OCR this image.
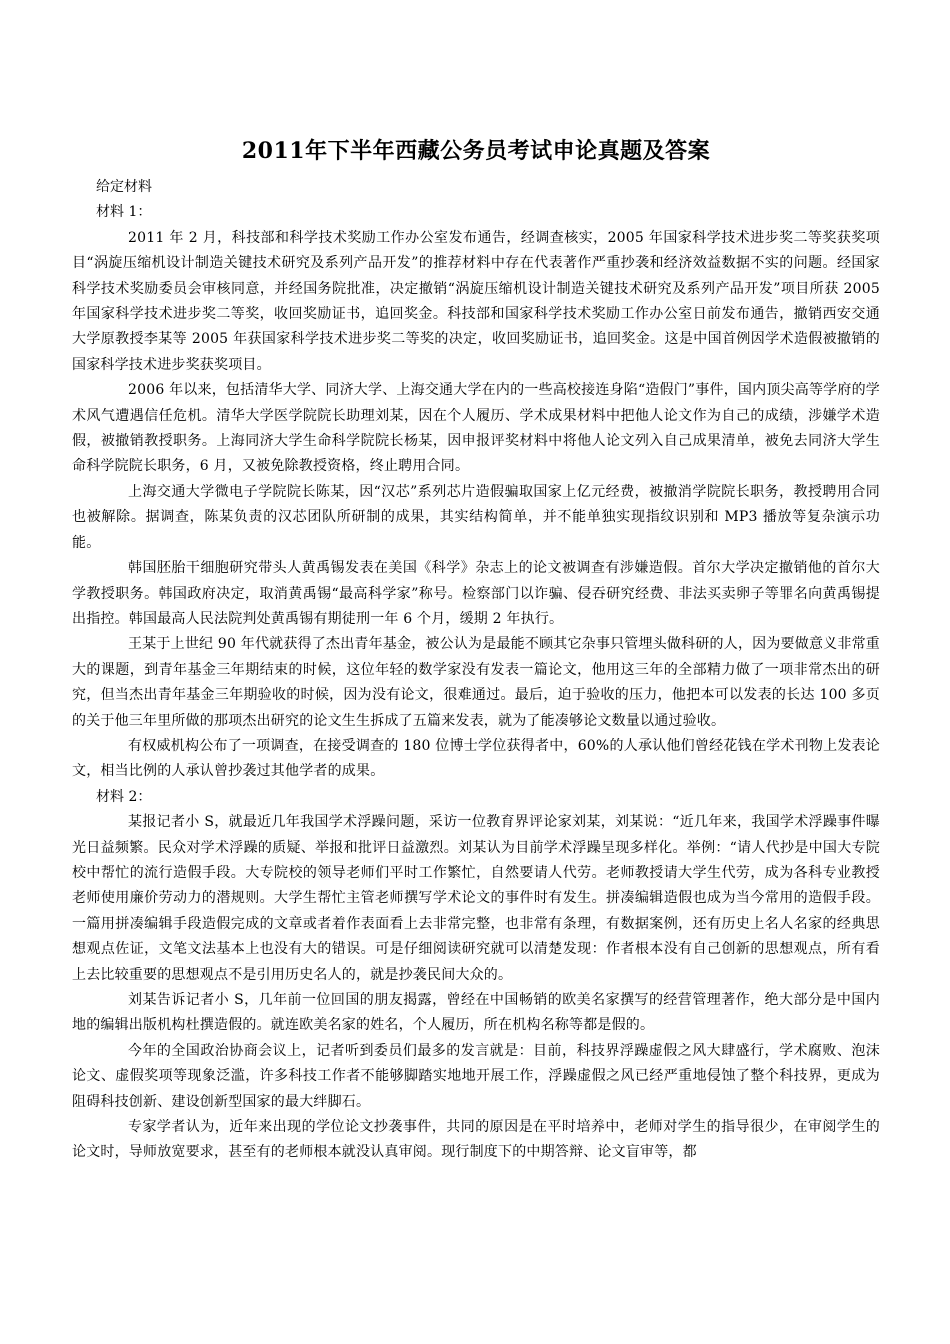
2011年下半年西藏公务员考试申论真题及答案

给定材料

材料 1：

2011 年 2 月，科技部和科学技术奖励工作办公室发布通告，经调查核实，2005 年国家科学技术进步奖二等奖获奖项目“涡旋压缩机设计制造关键技术研究及系列产品开发”的推荐材料中存在代表著作严重抄袭和经济效益数据不实的问题。经国家科学技术奖励委员会审核同意，并经国务院批准，决定撤销“涡旋压缩机设计制造关键技术研究及系列产品开发”项目所获 2005 年国家科学技术进步奖二等奖，收回奖励证书，追回奖金。科技部和国家科学技术奖励工作办公室日前发布通告，撤销西安交通大学原教授李某等 2005 年获国家科学技术进步奖二等奖的决定，收回奖励证书，追回奖金。这是中国首例因学术造假被撤销的国家科学技术进步奖获奖项目。

2006 年以来，包括清华大学、同济大学、上海交通大学在内的一些高校接连身陷“造假门”事件，国内顶尖高等学府的学术风气遭遇信任危机。清华大学医学院院长助理刘某，因在个人履历、学术成果材料中把他人论文作为自己的成绩，涉嫌学术造假，被撤销教授职务。上海同济大学生命科学院院长杨某，因申报评奖材料中将他人论文列入自己成果清单，被免去同济大学生命科学院院长职务，6 月，又被免除教授资格，终止聘用合同。

上海交通大学微电子学院院长陈某，因“汉芯”系列芯片造假骗取国家上亿元经费，被撤消学院院长职务，教授聘用合同也被解除。据调查，陈某负责的汉芯团队所研制的成果，其实结构简单，并不能单独实现指纹识别和 MP3 播放等复杂演示功能。

韩国胚胎干细胞研究带头人黄禹锡发表在美国《科学》杂志上的论文被调查有涉嫌造假。首尔大学决定撤销他的首尔大学教授职务。韩国政府决定，取消黄禹锡“最高科学家”称号。检察部门以诈骗、侵吞研究经费、非法买卖卵子等罪名向黄禹锡提出指控。韩国最高人民法院判处黄禹锡有期徒刑一年 6 个月，缓期 2 年执行。

王某于上世纪 90 年代就获得了杰出青年基金，被公认为是最能不顾其它杂事只管埋头做科研的人，因为要做意义非常重大的课题，到青年基金三年期结束的时候，这位年轻的数学家没有发表一篇论文，他用这三年的全部精力做了一项非常杰出的研究，但当杰出青年基金三年期验收的时候，因为没有论文，很难通过。最后，迫于验收的压力，他把本可以发表的长达 100 多页的关于他三年里所做的那项杰出研究的论文生生拆成了五篇来发表，就为了能凑够论文数量以通过验收。

有权威机构公布了一项调查，在接受调查的 180 位博士学位获得者中，60%的人承认他们曾经花钱在学术刊物上发表论文，相当比例的人承认曾抄袭过其他学者的成果。

材料 2：

某报记者小 S，就最近几年我国学术浮躁问题，采访一位教育界评论家刘某，刘某说：“近几年来，我国学术浮躁事件曝光日益频繁。民众对学术浮躁的质疑、举报和批评日益激烈。刘某认为目前学术浮躁呈现多样化。举例：“请人代抄是中国大专院校中帮忙的流行造假手段。大专院校的领导老师们平时工作繁忙，自然要请人代劳。老师教授请大学生代劳，成为各科专业教授老师使用廉价劳动力的潜规则。大学生帮忙主管老师撰写学术论文的事件时有发生。拼凑编辑造假也成为当今常用的造假手段。一篇用拼凑编辑手段造假完成的文章或者着作表面看上去非常完整，也非常有条理，有数据案例，还有历史上名人名家的经典思想观点佐证，文笔文法基本上也没有大的错误。可是仔细阅读研究就可以清楚发现：作者根本没有自己创新的思想观点，所有看上去比较重要的思想观点不是引用历史名人的，就是抄袭民间大众的。

刘某告诉记者小 S，几年前一位回国的朋友揭露，曾经在中国畅销的欧美名家撰写的经营管理著作，绝大部分是中国内地的编辑出版机构杜撰造假的。就连欧美名家的姓名，个人履历，所在机构名称等都是假的。

今年的全国政治协商会议上，记者听到委员们最多的发言就是：目前，科技界浮躁虚假之风大肆盛行，学术腐败、泡沫论文、虚假奖项等现象泛滥，许多科技工作者不能够脚踏实地地开展工作，浮躁虚假之风已经严重地侵蚀了整个科技界，更成为阻碍科技创新、建设创新型国家的最大绊脚石。

专家学者认为，近年来出现的学位论文抄袭事件，共同的原因是在平时培养中，老师对学生的指导很少，在审阅学生的论文时，导师放宽要求，甚至有的老师根本就没认真审阅。现行制度下的中期答辩、论文盲审等，都
